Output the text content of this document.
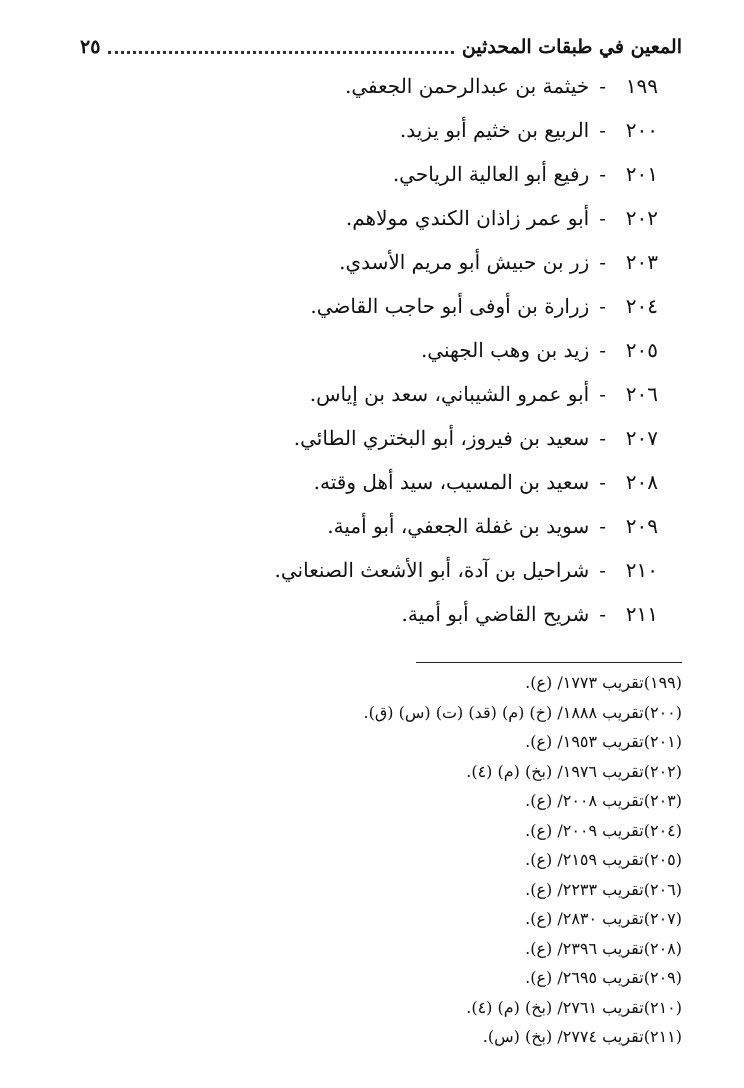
٢٥	المعين في طبقات المحدثين
١٩٩-خيثمة بن عبدالرحمن الجعفي.
٢٠٠-الربيع بن خثيم أبو يزيد.
٢٠١-رفيع أبو العالية الرياحي.
٢٠٢-أبو عمر زاذان الكندي مولاهم.
٢٠٣-زر بن حبيش أبو مريم الأسدي.
٢٠٤-زرارة بن أوفى أبو حاجب القاضي.
٢٠٥-زيد بن وهب الجهني.
٢٠٦-أبو عمرو الشيباني، سعد بن إياس.
٢٠٧-سعيد بن فيروز، أبو البختري الطائي.
٢٠٨-سعيد بن المسيب، سيد أهل وقته.
٢٠٩-سويد بن غفلة الجعفي، أبو أمية.
٢١٠-شراحيل بن آدة، أبو الأشعث الصنعاني.
٢١١-شريح القاضي أبو أمية.
(١٩٩)تقريب ١٧٧٣/ (ع).
(٢٠٠)تقريب ١٨٨٨/ (خ) (م) (قد) (ت) (س) (ق).
(٢٠١)تقريب ١٩٥٣/ (ع).
(٢٠٢)تقريب ١٩٧٦/ (بخ) (م) (٤).
(٢٠٣)تقريب ٢٠٠٨/ (ع).
(٢٠٤)تقريب ٢٠٠٩/ (ع).
(٢٠٥)تقريب ٢١٥٩/ (ع).
(٢٠٦)تقريب ٢٢٣٣/ (ع).
(٢٠٧)تقريب ٢٨٣٠/ (ع).
(٢٠٨)تقريب ٢٣٩٦/ (ع).
(٢٠٩)تقريب ٢٦٩٥/ (ع).
(٢١٠)تقريب ٢٧٦١/ (بخ) (م) (٤).
(٢١١)تقريب ٢٧٧٤/ (بخ) (س).
